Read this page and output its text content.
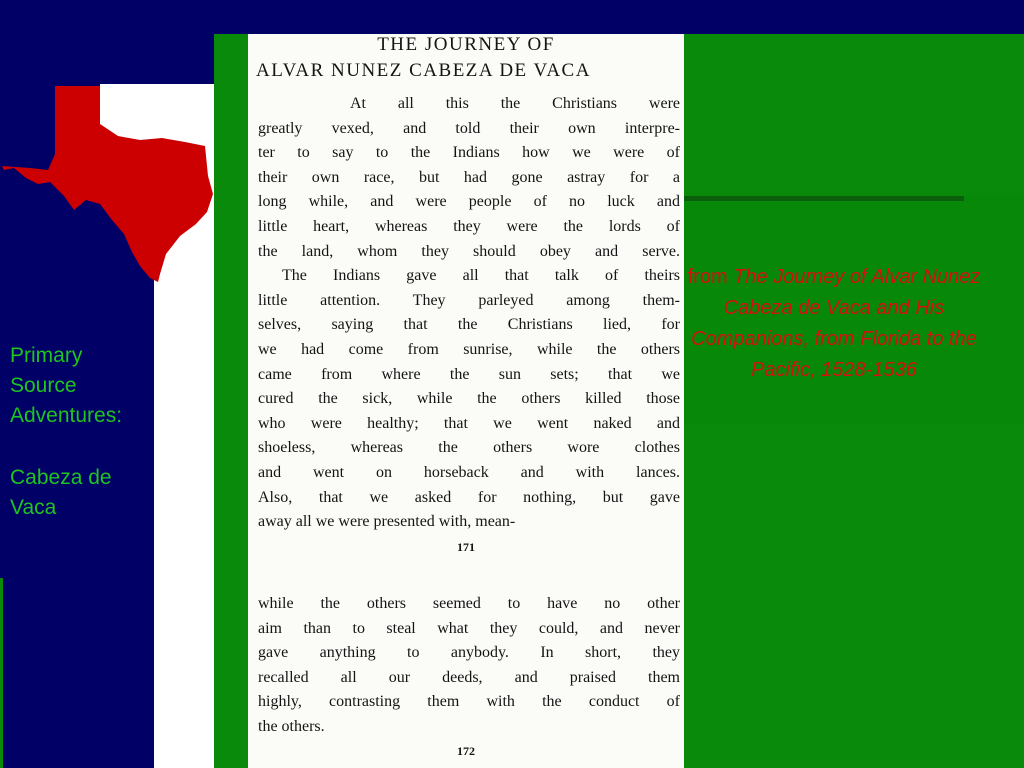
Primary Source Adventures:

Cabeza de Vaca

from The Journey of Alvar Nunez Cabeza de Vaca and His Companions, from Florida to the Pacific, 1528-1536
THE JOURNEY OF
ALVAR NUNEZ CABEZA DE VACA
At all this the Christians were
greatly vexed, and told their own interpre-
ter to say to the Indians how we were of
their own race, but had gone astray for a
long while, and were people of no luck and
little heart, whereas they were the lords of
the land, whom they should obey and serve.
The Indians gave all that talk of theirs
little attention. They parleyed among them-
selves, saying that the Christians lied, for
we had come from sunrise, while the others
came from where the sun sets; that we
cured the sick, while the others killed those
who were healthy; that we went naked and
shoeless, whereas the others wore clothes
and went on horseback and with lances.
Also, that we asked for nothing, but gave
away all we were presented with, mean-
171
while the others seemed to have no other
aim than to steal what they could, and never
gave anything to anybody. In short, they
recalled all our deeds, and praised them
highly, contrasting them with the conduct of
the others.
172
